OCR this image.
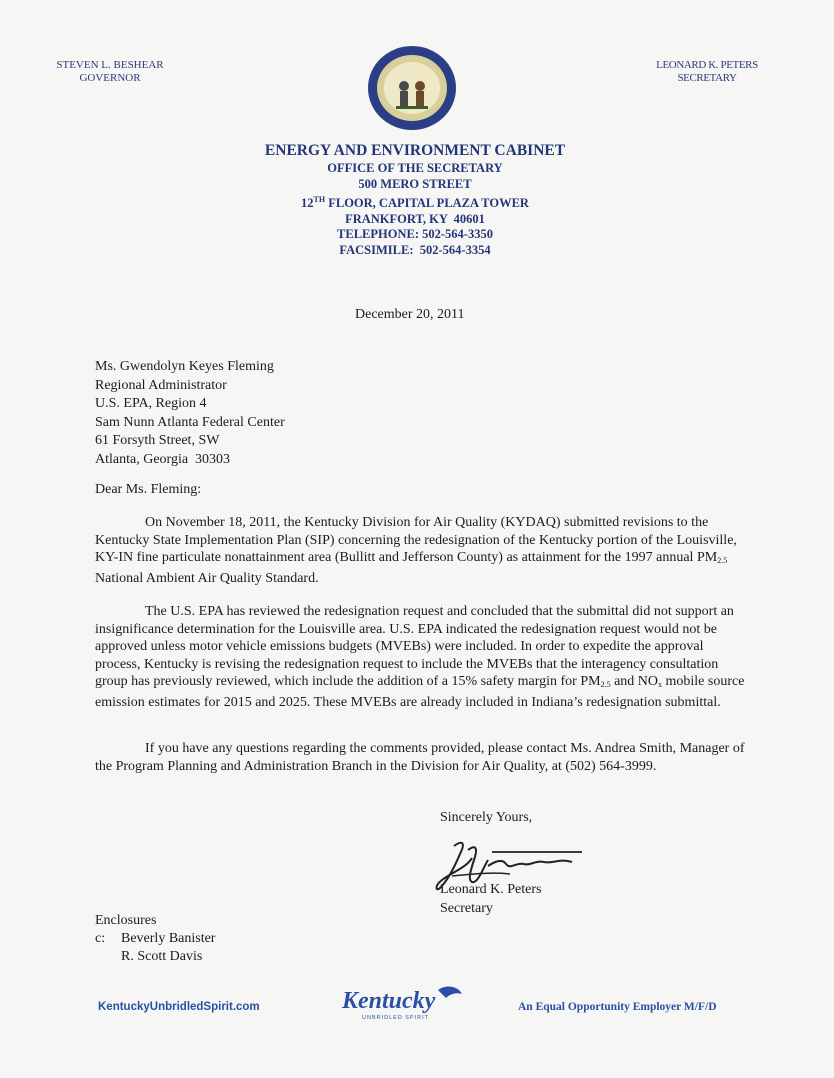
STEVEN L. BESHEAR
GOVERNOR
LEONARD K. PETERS
SECRETARY
ENERGY AND ENVIRONMENT CABINET
OFFICE OF THE SECRETARY
500 MERO STREET
12TH FLOOR, CAPITAL PLAZA TOWER
FRANKFORT, KY  40601
TELEPHONE: 502-564-3350
FACSIMILE:  502-564-3354
December 20, 2011
Ms. Gwendolyn Keyes Fleming
Regional Administrator
U.S. EPA, Region 4
Sam Nunn Atlanta Federal Center
61 Forsyth Street, SW
Atlanta, Georgia  30303
Dear Ms. Fleming:

On November 18, 2011, the Kentucky Division for Air Quality (KYDAQ) submitted revisions to the Kentucky State Implementation Plan (SIP) concerning the redesignation of the Kentucky portion of the Louisville, KY-IN fine particulate nonattainment area (Bullitt and Jefferson County) as attainment for the 1997 annual $PM_{2.5}$ National Ambient Air Quality Standard.

The U.S. EPA has reviewed the redesignation request and concluded that the submittal did not support an insignificance determination for the Louisville area. U.S. EPA indicated the redesignation request would not be approved unless motor vehicle emissions budgets (MVEBs) were included. In order to expedite the approval process, Kentucky is revising the redesignation request to include the MVEBs that the interagency consultation group has previously reviewed, which include the addition of a 15% safety margin for $PM_{2.5}$ and $NO_x$ mobile source emission estimates for 2015 and 2025. These MVEBs are already included in Indiana’s redesignation submittal.

If you have any questions regarding the comments provided, please contact Ms. Andrea Smith, Manager of the Program Planning and Administration Branch in the Division for Air Quality, at (502) 564-3999.

Sincerely Yours,
Leonard K. Peters
Secretary
Enclosures
c:	Beverly Banister
R. Scott Davis
KentuckyUnbridledSpirit.com	Kentucky
UNBRIDLED SPIRIT
An Equal Opportunity Employer M/F/D
